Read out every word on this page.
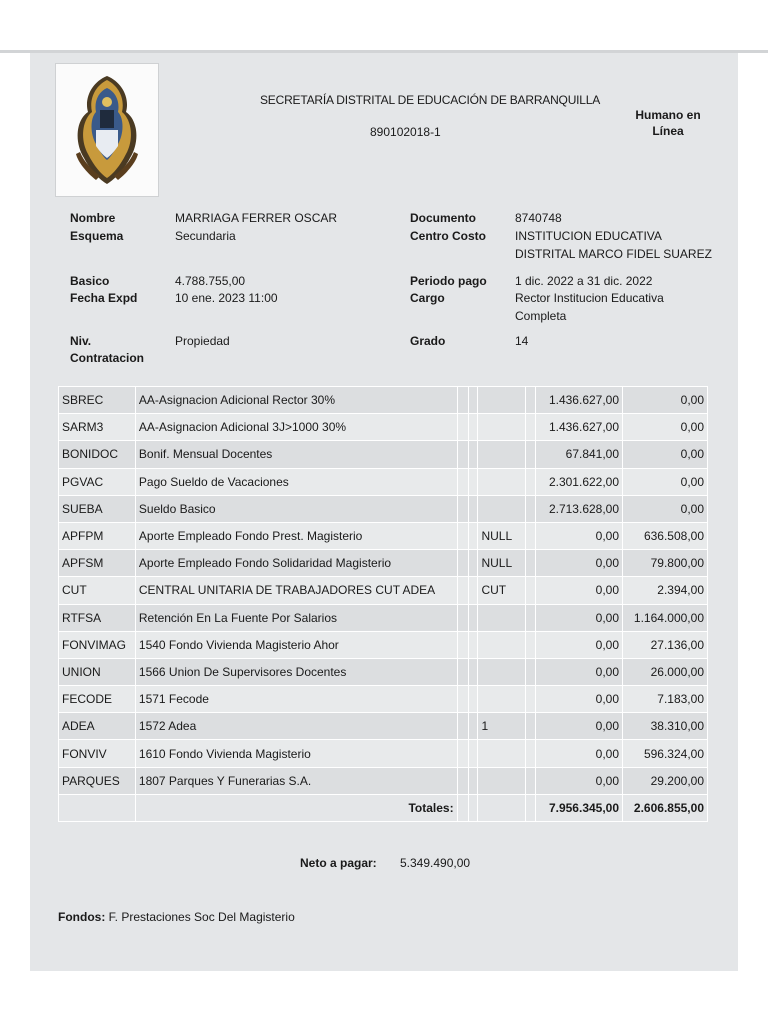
SECRETARÍA DISTRITAL DE EDUCACIÓN DE BARRANQUILLA
890102018-1
Humano en
Línea
Nombre	MARRIAGA FERRER OSCAR
Esquema	Secundaria
Basico	4.788.755,00
Fecha Expd	10 ene. 2023 11:00
Niv.
Contratacion
Propiedad
Documento	8740748
Centro Costo INSTITUCION EDUCATIVA
DISTRITAL MARCO FIDEL SUAREZ
Periodo pago 1 dic. 2022 a 31 dic. 2022
Cargo	Rector Institucion Educativa
Completa
Grado	14
SBREC	AA-Asignacion Adicional Rector 30%					1.436.627,00	0,00
SARM3	AA-Asignacion Adicional 3J>1000 30%					1.436.627,00	0,00
BONIDOC	Bonif. Mensual Docentes					67.841,00	0,00
PGVAC	Pago Sueldo de Vacaciones					2.301.622,00	0,00
SUEBA	Sueldo Basico					2.713.628,00	0,00
APFPM	Aporte Empleado Fondo Prest. Magisterio			NULL		0,00	636.508,00
APFSM	Aporte Empleado Fondo Solidaridad Magisterio			NULL		0,00	79.800,00
CUT	CENTRAL UNITARIA DE TRABAJADORES CUT ADEA			CUT		0,00	2.394,00
RTFSA	Retención En La Fuente Por Salarios					0,00	1.164.000,00
FONVIMAG	1540 Fondo Vivienda Magisterio Ahor					0,00	27.136,00
UNION	1566 Union De Supervisores Docentes					0,00	26.000,00
FECODE	1571 Fecode					0,00	7.183,00
ADEA	1572 Adea			1		0,00	38.310,00
FONVIV	1610 Fondo Vivienda Magisterio					0,00	596.324,00
PARQUES	1807 Parques Y Funerarias S.A.					0,00	29.200,00
	Totales:					7.956.345,00	2.606.855,00
Neto a pagar: 5.349.490,00
Fondos: F. Prestaciones Soc Del Magisterio
